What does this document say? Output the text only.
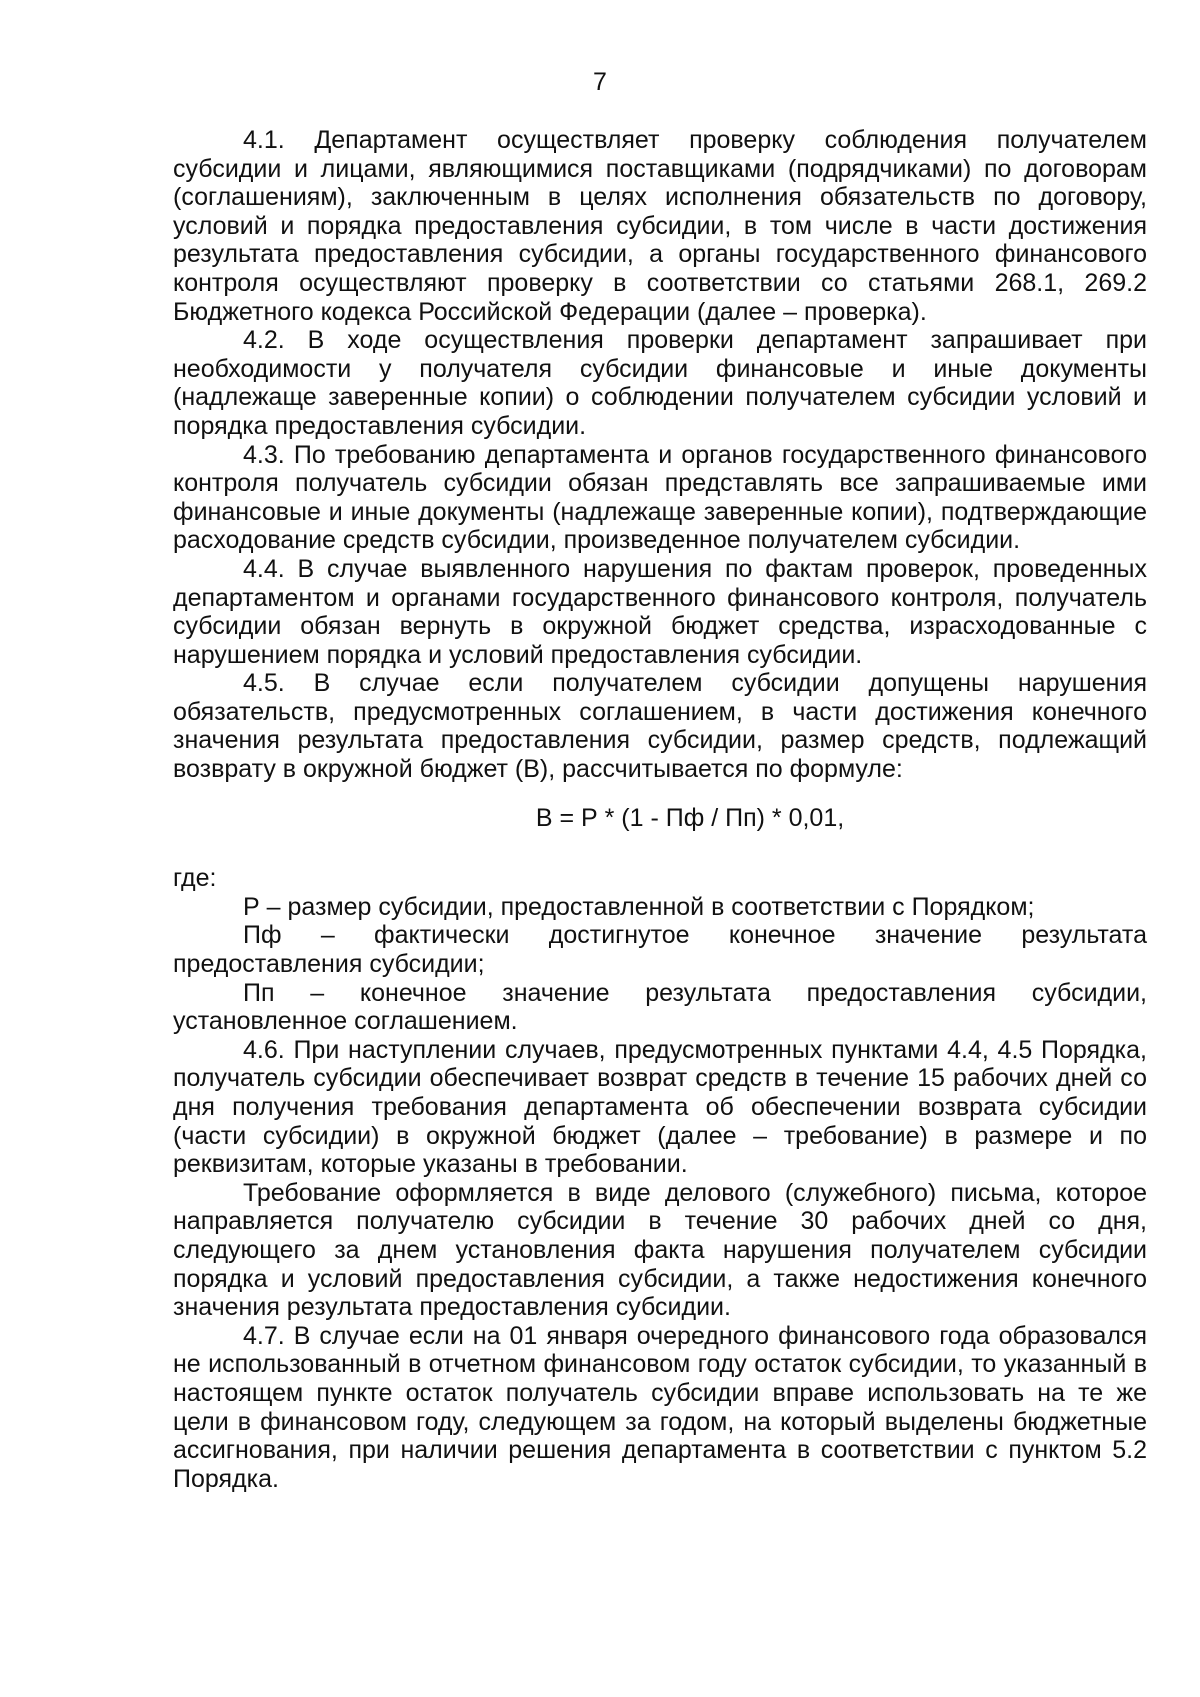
7

4.1. Департамент осуществляет проверку соблюдения получателем субсидии и лицами, являющимися поставщиками (подрядчиками) по договорам (соглашениям), заключенным в целях исполнения обязательств по договору, условий и порядка предоставления субсидии, в том числе в части достижения результата предоставления субсидии, а органы государственного финансового контроля осуществляют проверку в соответствии со статьями 268.1, 269.2 Бюджетного кодекса Российской Федерации (далее – проверка).

4.2. В ходе осуществления проверки департамент запрашивает при необходимости у получателя субсидии финансовые и иные документы (надлежаще заверенные копии) о соблюдении получателем субсидии условий и порядка предоставления субсидии.

4.3. По требованию департамента и органов государственного финансового контроля получатель субсидии обязан представлять все запрашиваемые ими финансовые и иные документы (надлежаще заверенные копии), подтверждающие расходование средств субсидии, произведенное получателем субсидии.

4.4. В случае выявленного нарушения по фактам проверок, проведенных департаментом и органами государственного финансового контроля, получатель субсидии обязан вернуть в окружной бюджет средства, израсходованные с нарушением порядка и условий предоставления субсидии.

4.5. В случае если получателем субсидии допущены нарушения обязательств, предусмотренных соглашением, в части достижения конечного значения результата предоставления субсидии, размер средств, подлежащий возврату в окружной бюджет (В), рассчитывается по формуле:

В = Р * (1 - Пф / Пп) * 0,01,

где:

Р – размер субсидии, предоставленной в соответствии с Порядком;

Пф – фактически достигнутое конечное значение результата предоставления субсидии;

Пп – конечное значение результата предоставления субсидии, установленное соглашением.

4.6. При наступлении случаев, предусмотренных пунктами 4.4, 4.5 Порядка, получатель субсидии обеспечивает возврат средств в течение 15 рабочих дней со дня получения требования департамента об обеспечении возврата субсидии (части субсидии) в окружной бюджет (далее – требование) в размере и по реквизитам, которые указаны в требовании.

Требование оформляется в виде делового (служебного) письма, которое направляется получателю субсидии в течение 30 рабочих дней со дня, следующего за днем установления факта нарушения получателем субсидии порядка и условий предоставления субсидии, а также недостижения конечного значения результата предоставления субсидии.

4.7. В случае если на 01 января очередного финансового года образовался не использованный в отчетном финансовом году остаток субсидии, то указанный в настоящем пункте остаток получатель субсидии вправе использовать на те же цели в финансовом году, следующем за годом, на который выделены бюджетные ассигнования, при наличии решения департамента в соответствии с пунктом 5.2 Порядка.
